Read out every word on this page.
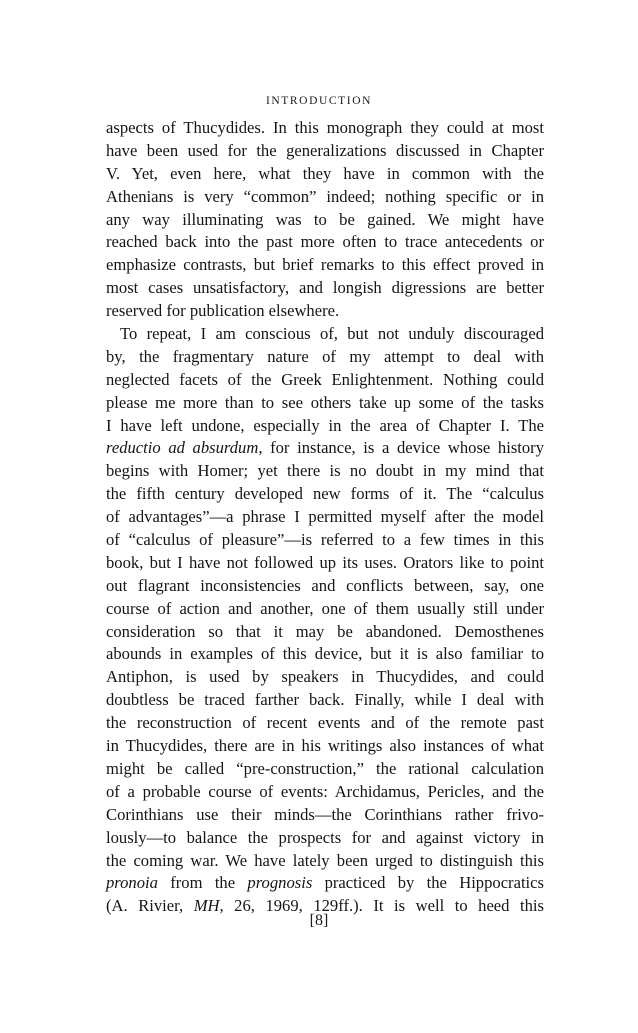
INTRODUCTION
aspects of Thucydides. In this monograph they could at most
have been used for the generalizations discussed in Chapter
V. Yet, even here, what they have in common with the
Athenians is very “common” indeed; nothing specific or in
any way illuminating was to be gained. We might have
reached back into the past more often to trace antecedents or
emphasize contrasts, but brief remarks to this effect proved in
most cases unsatisfactory, and longish digressions are better
reserved for publication elsewhere.
To repeat, I am conscious of, but not unduly discouraged
by, the fragmentary nature of my attempt to deal with
neglected facets of the Greek Enlightenment. Nothing could
please me more than to see others take up some of the tasks
I have left undone, especially in the area of Chapter I. The
reductio ad absurdum, for instance, is a device whose history
begins with Homer; yet there is no doubt in my mind that
the fifth century developed new forms of it. The “calculus
of advantages”—a phrase I permitted myself after the model
of “calculus of pleasure”—is referred to a few times in this
book, but I have not followed up its uses. Orators like to point
out flagrant inconsistencies and conflicts between, say, one
course of action and another, one of them usually still under
consideration so that it may be abandoned. Demosthenes
abounds in examples of this device, but it is also familiar to
Antiphon, is used by speakers in Thucydides, and could
doubtless be traced farther back. Finally, while I deal with
the reconstruction of recent events and of the remote past
in Thucydides, there are in his writings also instances of what
might be called “pre-construction,” the rational calculation
of a probable course of events: Archidamus, Pericles, and the
Corinthians use their minds—the Corinthians rather frivo-
lously—to balance the prospects for and against victory in
the coming war. We have lately been urged to distinguish this
pronoia from the prognosis practiced by the Hippocratics
(A. Rivier, MH, 26, 1969, 129ff.). It is well to heed this
[8]
